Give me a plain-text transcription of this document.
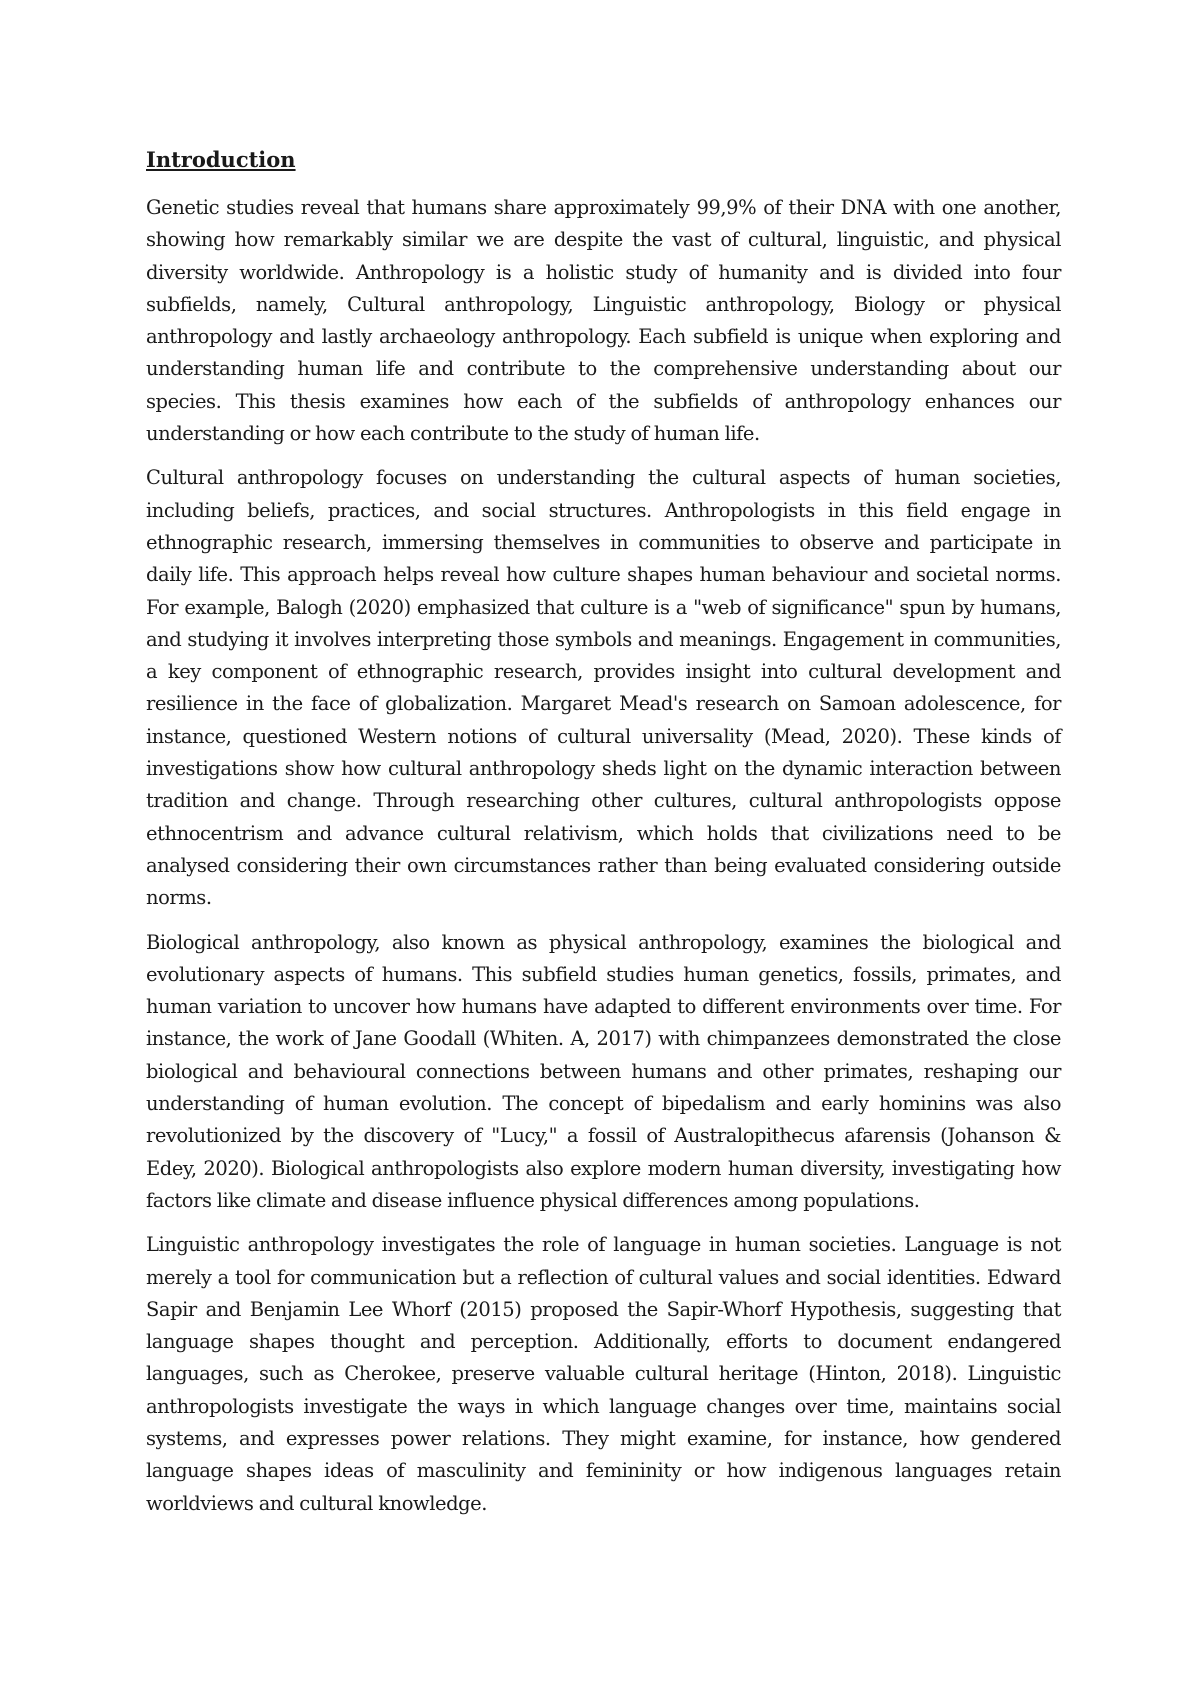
Introduction

Genetic studies reveal that humans share approximately 99,9% of their DNA with one another, showing how remarkably similar we are despite the vast of cultural, linguistic, and physical diversity worldwide. Anthropology is a holistic study of humanity and is divided into four subfields, namely, Cultural anthropology, Linguistic anthropology, Biology or physical anthropology and lastly archaeology anthropology. Each subfield is unique when exploring and understanding human life and contribute to the comprehensive understanding about our species. This thesis examines how each of the subfields of anthropology enhances our understanding or how each contribute to the study of human life.

Cultural anthropology focuses on understanding the cultural aspects of human societies, including beliefs, practices, and social structures. Anthropologists in this field engage in ethnographic research, immersing themselves in communities to observe and participate in daily life. This approach helps reveal how culture shapes human behaviour and societal norms. For example, Balogh (2020) emphasized that culture is a "web of significance" spun by humans, and studying it involves interpreting those symbols and meanings. Engagement in communities, a key component of ethnographic research, provides insight into cultural development and resilience in the face of globalization. Margaret Mead's research on Samoan adolescence, for instance, questioned Western notions of cultural universality (Mead, 2020). These kinds of investigations show how cultural anthropology sheds light on the dynamic interaction between tradition and change. Through researching other cultures, cultural anthropologists oppose ethnocentrism and advance cultural relativism, which holds that civilizations need to be analysed considering their own circumstances rather than being evaluated considering outside norms.

Biological anthropology, also known as physical anthropology, examines the biological and evolutionary aspects of humans. This subfield studies human genetics, fossils, primates, and human variation to uncover how humans have adapted to different environments over time. For instance, the work of Jane Goodall (Whiten. A, 2017) with chimpanzees demonstrated the close biological and behavioural connections between humans and other primates, reshaping our understanding of human evolution. The concept of bipedalism and early hominins was also revolutionized by the discovery of "Lucy," a fossil of Australopithecus afarensis (Johanson & Edey, 2020). Biological anthropologists also explore modern human diversity, investigating how factors like climate and disease influence physical differences among populations.

Linguistic anthropology investigates the role of language in human societies. Language is not merely a tool for communication but a reflection of cultural values and social identities. Edward Sapir and Benjamin Lee Whorf (2015) proposed the Sapir-Whorf Hypothesis, suggesting that language shapes thought and perception. Additionally, efforts to document endangered languages, such as Cherokee, preserve valuable cultural heritage (Hinton, 2018). Linguistic anthropologists investigate the ways in which language changes over time, maintains social systems, and expresses power relations. They might examine, for instance, how gendered language shapes ideas of masculinity and femininity or how indigenous languages retain worldviews and cultural knowledge.
